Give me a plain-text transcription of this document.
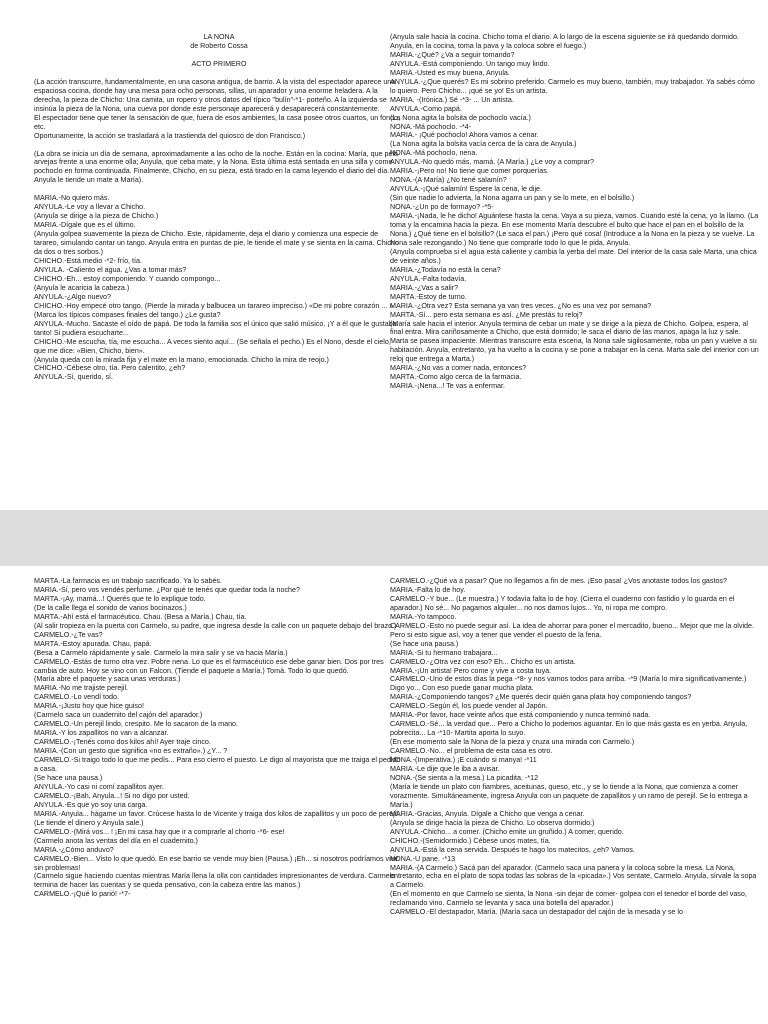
LA NONA

de Roberto Cossa

ACTO PRIMERO

(La acción transcurre, fundamentalmente, en una casona antigua, de barrio. A la vista del espectador aparece una espaciosa cocina, donde hay una mesa para ocho personas, sillas, un aparador y una enorme heladera. A la derecha, la pieza de Chicho: Una camita, un ropero y otros datos del típico "bulín"-*1- porteño. A la izquierda se insinúa la pieza de la Nona, una cueva por donde este personaje aparecerá y desaparecerá constantemente.

El espectador tiene que tener la sensación de que, fuera de esos ambientes, la casa posee otros cuartos, un fondo, etc.

Oportunamente, la acción se trasladará a la trastienda del quiosco de don Francisco.)

(La obra se inicia un día de semana, aproximadamente a las ocho de la noche. Están en la cocina: María, que pela arvejas frente a una enorme olla; Anyula, que ceba mate, y la Nona. Esta última está sentada en una silla y come pochoclo en forma continuada. Finalmente, Chicho, en su pieza, está tirado en la cama leyendo el diario del día. Anyula le tiende un mate a María).

MARIA.-No quiero más.

ANYULA.-Le voy a llevar a Chicho.

(Anyula se dirige a la pieza de Chicho.)

MARIA.-Dígale que es el último.

(Anyula golpea suavemente la pieza de Chicho. Este, rápidamente, deja el diario y comienza una especie de tarareo, simulando cantar un tango. Anyula entra en puntas de pie, le tiende el mate y se sienta en la cama. Chicho da dos o tres sorbos.)

CHICHO.-Está medio -*2- frío, tía.

ANYULA. -Caliento el agua. ¿Vas a tomar más?

CHICHO.-Eh... estoy componiendo. Y cuando compongo...

(Anyula le acaricia la cabeza.)

ANYULA.-¿Algo nuevo?

CHICHO.-Hoy empecé otro tango. (Pierde la mirada y balbucea un tarareo impreciso.) «De mi pobre corazón ... » (Marca los típicos compases finales del tango.) ¿Le gusta?

ANYULA.-Mucho. Sacaste el oído de papá. De toda la familia sos el único que salió músico. ¡Y a él que le gustaba tanto! Si pudiera escucharte...

CHICHO.-Me escucha, tía, me escucha... A veces siento aquí... (Se señala el pecho.) Es el Nono, desde el cielo, que me dice: «Bien, Chicho, bien».

(Anyula queda con la mirada fija y el mate en la mano, emocionada. Chicho la mira de reojo.)

CHICHO.-Cébese otro, tía. Pero calentito, ¿eh?

ANYULA.-Sí, querido, sí.

(Anyula sale hacia la cocina. Chicho toma el diario. A lo largo de la escena siguiente se irá quedando dormido. Anyula, en la cocina, toma la pava y la coloca sobre el fuego.)

MARIA.-¿Qué? ¿Va a seguir tomando?

ANYULA.-Está componiendo. Un tango muy lindo.

MARIA.-Usted es muy buena, Anyula.

ANYULA.-¿Que querés? Es mi sobrino preferido. Carmelo es muy bueno, también, muy trabajador. Ya sabés cómo lo quiero. Pero Chicho... ¡qué se yo! Es un artista.

MARIA. -(Irónica.) Sé -*3- ... Un artista.

ANYULA.-Como papá.

(La Nona agita la bolsita de pochoclo vacía.)

NONA.-Má pochoclo. -*4-

MARIA.- ¡Qué pochoclo! Ahora vamos a cenar.

(La Nona agita la bolsita vacía cerca de la cara de Anyula.)

NONA.-Má pochoclo, nena.

ANYULA.-No quedó más, mamá. (A María.) ¿Le voy a comprar?

MARIA.-¡Pero no! No tiene que comer porquerías.

NONA.-(A María) ¿No tené salamín?

ANYULA.-¡Qué salamín! Espere la cena, le dije.

(Sin que nadie lo advierta, la Nona agarra un pan y se lo mete, en el bolsillo.)

NONA.-¿Un po de formayo? -*5-

MARIA.-¡Nada, le he dicho! Aguántese hasta la cena. Vaya a su pieza, vamos. Cuando esté la cena, yo la llamo. (La toma y la encamina hacia la pieza. En ese momento María descubre el bulto que hace el pan en el bolsillo de la Nona.) ¿Qué tiene en el bolsillo? (Le saca el pan.) ¡Pero qué cosa! (Introduce a la Nona en la pieza y se vuelve. La Nona sale rezongando.) No tiene que comprarle todo lo que le pida, Anyula.

(Anyula comprueba si el agua está caliente y cambia la yerba del mate. Del interior de la casa sale Marta, una chica de veinte años.)

MARIA.-¿Todavía no está la cena?

ANYULA.-Falta todavía.

MARIA.-¿Vas a salir?

MARTA.-Estoy de turno.

MARIA.-¿Otra vez? Esta semana ya van tres veces. ¿No es una vez por semana?

MARTA.-Sí... pero esta semana es así. ¿Me prestás tu reloj?

(María sale hacia el interior. Anyula termina de cebar un mate y se dirige a la pieza de Chicho. Golpea, espera, al final entra. Mira cariñosamente a Chicho, que está dormido; le saca el diario de las manos, apaga la luz y sale. Marta se pasea impaciente. Mientras transcurre esta escena, la Nona sale sigilosamente, roba un pan y vuelve a su habitación. Anyula, entretanto, ya ha vuelto a la cocina y se pone a trabajar en la cena. Marta sale del interior con un reloj que entrega a Marta.)

MARIA.-¿No vas a comer nada, entonces?

MARTA.-Como algo cerca de la farmacia.

MARIA.-¡Nena...! Te vas a enfermar.

MARTA.-La farmacia es un trabajo sacrificado. Ya lo sabés.

MARIA.-Sí, pero vos vendés perfume. ¿Por qué te tenés que quedar toda la noche?

MARTA.-¡Ay, mamá...! Querés que te lo explique todo.

(De la calle llega el sonido de varios bocinazos.)

MARTA.-Ahí está el farmacéutico. Chau. (Besa a María.) Chau, tía.

(Al salir tropieza en la puerta con Carmelo, su padre, que ingresa desde la calle con un paquete debajo del brazo.)

CARMELO.-¿Te vas?

MARTA.-Estoy apurada. Chau, papá.

(Besa a Carmelo rápidamente y sale. Carmelo la mira salir y se va hacia María.)

CARMELO.-Estás de turno otra vez. Pobre nena. Lo que es el farmacéutico ese debe ganar bien. Dos por tres cambia de auto. Hoy se vino con un Falcon. (Tiende el paquete a María.) Tomá. Todo lo que quedó.

(María abre el paquete y saca unas verduras.)

MARIA.-No me trajiste perejil.

CARMELO.-Lo vendí todo.

MARIA.-¡Justo hoy que hice guiso!

(Carmelo saca un cuadernito del cajón del aparador.)

CARMELO.-Un perejil lindo, crespito. Me lo sacaron de la mano.

MARIA.-Y los zapallitos no van a alcanzar.

CARMELO.-¡Tenés como dos kilos ahí! Ayer traje cinco.

MARIA.-(Con un gesto que significa «no es extraño».) ¿Y... ?

CARMELO.-Si traigo todo lo que me pedís... Para eso cierro el puesto. Le digo al mayorista que me traiga el pedido a casa.

(Se hace una pausa.)

ANYULA.-Yo casi ni comí zapallitos ayer.

CARMELO.-¡Bah, Anyula...! Si no digo por usted.

ANYULA.-Es que yo soy una carga.

MARIA.-Anyula... hágame un favor. Crúcese hasta lo de Vicente y traiga dos kilos de zapallitos y un poco de perejil.

(Le tiende el dinero y Anyula sale.)

CARMELO.-(Mirá vos... ! ¡En mi casa hay que ir a comprarle al chorro -*6- ese!

(Carmelo anota las ventas del día en el cuadernito.)

MARIA.-¿Cómo anduvo?

CARMELO.-Bien... Visto lo que quedó. En ese barrio se vende muy bien (Pausa.) ¡Eh... si nosotros podríamos vivir sin problemas!

(Carmelo sigue haciendo cuentas mientras María llena la olla con cantidades impresionantes de verdura. Carmelo termina de hacer las cuentas y se queda pensativo, con la cabeza entre las manos.)

CARMELO.-¡Qué lo parió! -*7-

CARMELO.-¿Qué va a pasar? Que no llegamos a fin de mes. ¡Eso pasa! ¿Vos anotaste todos los gastos?

MARIA.-Falta lo de hoy.

CARMELO.-Y bue... (Le muestra.) Y todavía falta lo de hoy. (Cierra el cuaderno con fastidio y lo guarda en el aparador.) No sé... No pagamos alquiler... no nos damos lujos... Yo, ni ropa me compro.

MARIA.-Yo tampoco.

CARMELO.-Esto no puede seguir así. La idea de ahorrar para poner el mercadito, bueno... Mejor que me la olvide. Pero si esto sigue así, voy a tener que vender el puesto de la feria.

(Se hace una pausa.)

MARIA.-Si tu hermano trabajara...

CARMELO.-¿Otra vez con eso? Eh... Chicho es un artista.

MARIA.-¡Un artista! Pero come y vive a costa tuya.

CARMELO.-Uno de estos días la pega -*8- y nos vamos todos para arriba. -*9 (María lo mira significativamente.) Digo yo... Con eso puede ganar mucha plata.

MARIA.-¿Componiendo tangos? ¿Me querés decir quién gana plata hoy componiendo tangos?

CARMELO.-Según él, los puede vender al Japón.

MARIA.-Por favor, hace veinte años que está componiendo y nunca terminó nada.

CARMELO.-Sé... la verdad que... Pero a Chicho lo podemos aguantar. En lo que más gasta es en yerba. Anyula, pobrecita... La -*10- Martita aporta lo suyo.

(En ese momento sale la Nona de la pieza y cruza una mirada con Carmelo.)

CARMELO.-No... el problema de esta casa es otro.

NONA.-(Imperativa.) ¡E cuándo si manya! -*11

MARIA.-Le dije que le iba a avisar.

NONA.-(Se sienta a la mesa.) La picadita. -*12

(María le tiende un plato con fiambres, aceitunas, queso, etc., y se lo tiende a la Nona, que comienza a comer vorazmente. Simultáneamente, ingresa Anyula con un paquete de zapallitos y un ramo de perejil. Se lo entrega a María.)

MARIA.-Gracias, Anyula. Dígale a Chicho que venga a cenar.

(Anyula se dirige hacia la pieza de Chicho. Lo observa dormido.)

ANYULA.-Chicho... a comer. (Chicho emite un gruñido.) A comer, querido.

CHICHO.-(Semidormido.) Cébese unos mates, tía.

ANYULA.-Está la cena servida. Después te hago los matecitos, ¿eh? Vamos.

NONA.-U pane. -*13

MARIA.-(A Carmelo.) Sacá pan del aparador. (Carmelo saca una panera y la coloca sobre la mesa. La Nona, entretanto, echa en el plato de sopa todas las sobras de la «picada».) Vos sentate, Carmelo. Anyula, sírvale la sopa a Carmelo.

(En el momento en que Carmelo se sienta, la Nona -sin dejar de comer- golpea con el tenedor el borde del vaso, reclamando vino. Carmelo se levanta y saca una botella del aparador.)

CARMELO.-El destapador, María. (María saca un destapador del cajón de la mesada y se lo
